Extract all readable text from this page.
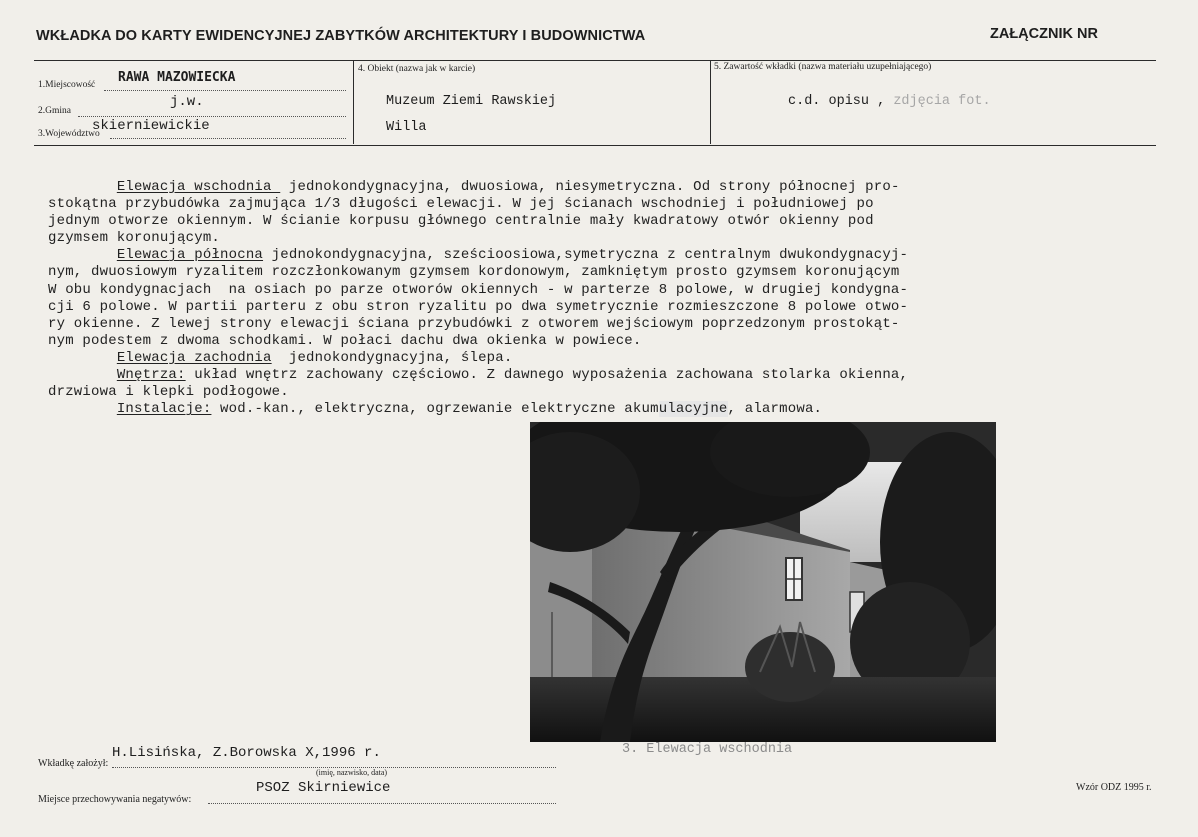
WKŁADKA DO KARTY EWIDENCYJNEJ ZABYTKÓW ARCHITEKTURY I BUDOWNICTWA	ZAŁĄCZNIK NR
1.Miejscowość RAWA MAZOWIECKA
2.Gmina
j.w.
3.Województwo
skierniewickie
4. Obiekt (nazwa jak w karcie)
Muzeum Ziemi Rawskiej
Willa
5. Zawartość wkładki (nazwa materiału uzupełniającego)
c.d. opisu , zdjęcia fot.
Elewacja wschodnia  jednokondygnacyjna, dwuosiowa, niesymetryczna. Od strony północnej pro-
stokątna przybudówka zajmująca 1/3 długości elewacji. W jej ścianach wschodniej i południowej po
jednym otworze okiennym. W ścianie korpusu głównego centralnie mały kwadratowy otwór okienny pod
gzymsem koronującym.
Elewacja północna jednokondygnacyjna, sześcioosiowa,symetryczna z centralnym dwukondygnacyj-
nym, dwuosiowym ryzalitem rozczłonkowanym gzymsem kordonowym, zamkniętym prosto gzymsem koronującym
W obu kondygnacjach  na osiach po parze otworów okiennych - w parterze 8 polowe, w drugiej kondygna-
cji 6 polowe. W partii parteru z obu stron ryzalitu po dwa symetrycznie rozmieszczone 8 polowe otwo-
ry okienne. Z lewej strony elewacji ściana przybudówki z otworem wejściowym poprzedzonym prostokąt-
nym podestem z dwoma schodkami. W połaci dachu dwa okienka w powiece.
Elewacja zachodnia  jednokondygnacyjna, ślepa.
Wnętrza: układ wnętrz zachowany częściowo. Z dawnego wyposażenia zachowana stolarka okienna,
drzwiowa i klepki podłogowe.
Instalacje: wod.-kan., elektryczna, ogrzewanie elektryczne akumulacyjne, alarmowa.
3. Elewacja wschodnia
Wkładkę założył:
H.Lisińska, Z.Borowska X,1996 r.
(imię, nazwisko, data)
Miejsce przechowywania negatywów:
PSOZ Skirniewice	Wzór ODZ 1995 r.
